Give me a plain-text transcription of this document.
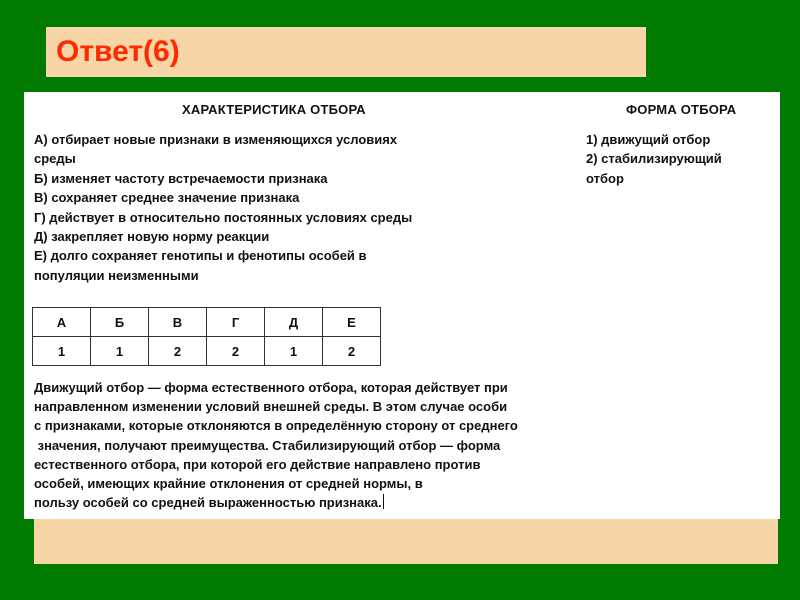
Ответ(6)
ХАРАКТЕРИСТИКА ОТБОРА	ФОРМА ОТБОРА
А) отбирает новые признаки в изменяющихся условиях
среды
Б) изменяет частоту встречаемости признака
В) сохраняет среднее значение признака
Г) действует в относительно постоянных условиях среды
Д) закрепляет новую норму реакции
Е) долго сохраняет генотипы и фенотипы особей в
популяции неизменными
1) движущий отбор
2) стабилизирующий
отбор
А	Б	В	Г	Д	Е
1	1	2	2	1	2

Движущий отбор — форма естественного отбора, которая действует при
направленном изменении условий внешней среды. В этом случае особи
с признаками, которые отклоняются в определённую сторону от среднего
значения, получают преимущества. Стабилизирующий отбор — форма
естественного отбора, при которой его действие направлено против
особей, имеющих крайние отклонения от средней нормы, в
пользу особей со средней выраженностью признака.
